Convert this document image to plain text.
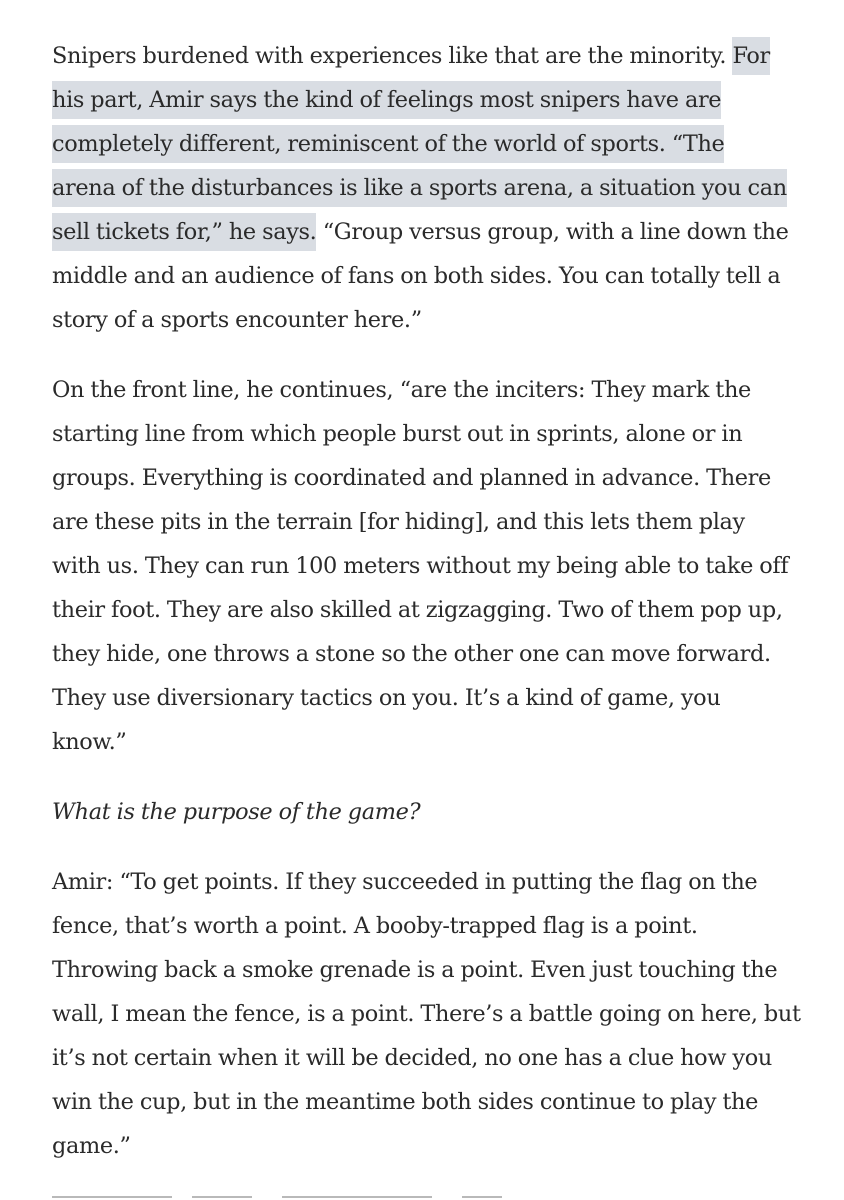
Snipers burdened with experiences like that are the minority. For
his part, Amir says the kind of feelings most snipers have are
completely different, reminiscent of the world of sports. “The
arena of the disturbances is like a sports arena, a situation you can
sell tickets for,” he says. “Group versus group, with a line down the
middle and an audience of fans on both sides. You can totally tell a
story of a sports encounter here.”

On the front line, he continues, “are the inciters: They mark the
starting line from which people burst out in sprints, alone or in
groups. Everything is coordinated and planned in advance. There
are these pits in the terrain [for hiding], and this lets them play
with us. They can run 100 meters without my being able to take off
their foot. They are also skilled at zigzagging. Two of them pop up,
they hide, one throws a stone so the other one can move forward.
They use diversionary tactics on you. It’s a kind of game, you
know.”

What is the purpose of the game?

Amir: “To get points. If they succeeded in putting the flag on the
fence, that’s worth a point. A booby-trapped flag is a point.
Throwing back a smoke grenade is a point. Even just touching the
wall, I mean the fence, is a point. There’s a battle going on here, but
it’s not certain when it will be decided, no one has a clue how you
win the cup, but in the meantime both sides continue to play the
game.”
